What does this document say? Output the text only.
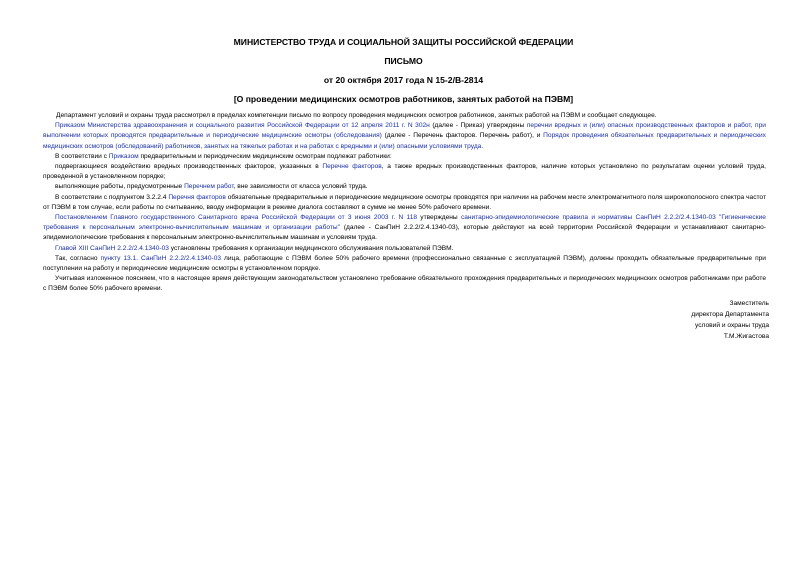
МИНИСТЕРСТВО ТРУДА И СОЦИАЛЬНОЙ ЗАЩИТЫ РОССИЙСКОЙ ФЕДЕРАЦИИ
ПИСЬМО
от 20 октября 2017 года N 15-2/В-2814
[О проведении медицинских осмотров работников, занятых работой на ПЭВМ]

Департамент условий и охраны труда рассмотрел в пределах компетенции письмо по вопросу проведения медицинских осмотров работников, занятых работой на ПЭВМ и сообщает следующее.

Приказом Министерства здравоохранения и социального развития Российской Федерации от 12 апреля 2011 г. N 302н (далее - Приказ) утверждены перечни вредных и (или) опасных производственных факторов и работ, при выполнении которых проводятся предварительные и периодические медицинские осмотры (обследования) (далее - Перечень факторов. Перечень работ), и Порядок проведения обязательных предварительных и периодических медицинских осмотров (обследований) работников, занятых на тяжелых работах и на работах с вредными и (или) опасными условиями труда.

В соответствии с Приказом предварительным и периодическим медицинским осмотрам подлежат работники:

подвергающиеся воздействию вредных производственных факторов, указанных в Перечне факторов, а также вредных производственных факторов, наличие которых установлено по результатам оценки условий труда, проведенной в установленном порядке;

выполняющие работы, предусмотренные Перечнем работ, вне зависимости от класса условий труда.

В соответствии с подпунктом 3.2.2.4 Перечня факторов обязательные предварительные и периодические медицинские осмотры проводятся при наличии на рабочем месте электромагнитного поля широкополосного спектра частот от ПЭВМ в том случае, если работы по считыванию, вводу информации в режиме диалога составляют в сумме не менее 50% рабочего времени.

Постановлением Главного государственного Санитарного врача Российской Федерации от 3 июня 2003 г. N 118 утверждены санитарно-эпидемиологические правила и нормативы СанПиН 2.2.2/2.4.1340-03 "Гигиенические требования к персональным электронно-вычислительным машинам и организации работы" (далее - СанПиН 2.2.2/2.4.1340-03), которые действуют на всей территории Российской Федерации и устанавливают санитарно-эпидемиологические требования к персональным электронно-вычислительным машинам и условиям труда.

Главой XIII СанПиН 2.2.2/2.4.1340-03 установлены требования к организации медицинского обслуживания пользователей ПЭВМ.

Так, согласно пункту 13.1. СанПиН 2.2.2/2.4.1340-03 лица, работающие с ПЭВМ более 50% рабочего времени (профессионально связанные с эксплуатацией ПЭВМ), должны проходить обязательные предварительные при поступлении на работу и периодические медицинские осмотры в установленном порядке.

Учитывая изложенное поясняем, что в настоящее время действующим законодательством установлено требование обязательного прохождения предварительных и периодических медицинских осмотров работниками при работе с ПЭВМ более 50% рабочего времени.

Заместитель
директора Департамента
условий и охраны труда
Т.М.Жигастова
